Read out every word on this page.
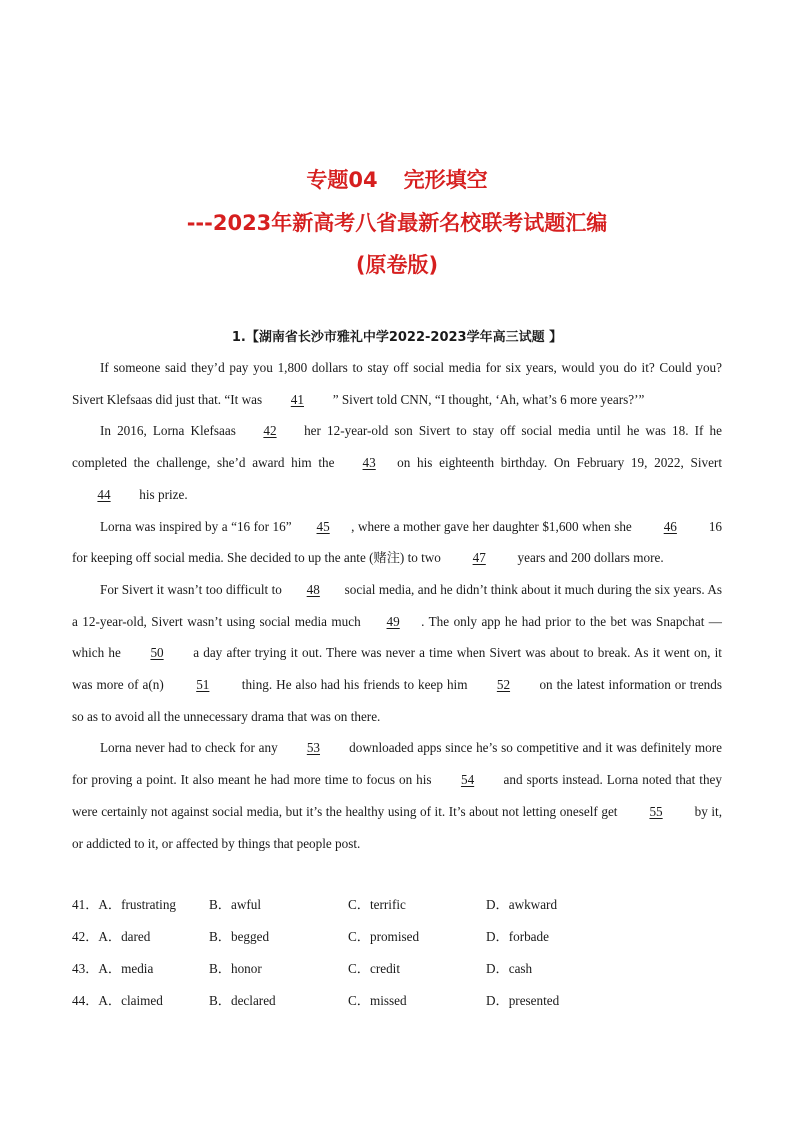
专题04 完形填空
---2023年新高考八省最新名校联考试题汇编
(原卷版)
1.【湖南省长沙市雅礼中学2022-2023学年高三试题 】

If someone said they’d pay you 1,800 dollars to stay off social media for six years, would you do it? Could you? Sivert Klefsaas did just that. “It was 41 ” Sivert told CNN, “I thought, ‘Ah, what’s 6 more years?’”

In 2016, Lorna Klefsaas 42 her 12-year-old son Sivert to stay off social media until he was 18. If he completed the challenge, she’d award him the 43 on his eighteenth birthday. On February 19, 2022, Sivert 44 his prize.

Lorna was inspired by a “16 for 16” 45 , where a mother gave her daughter $1,600 when she 46 16 for keeping off social media. She decided to up the ante (赌注) to two 47 years and 200 dollars more.

For Sivert it wasn’t too difficult to 48 social media, and he didn’t think about it much during the six years. As a 12-year-old, Sivert wasn’t using social media much 49 . The only app he had prior to the bet was Snapchat — which he 50 a day after trying it out. There was never a time when Sivert was about to break. As it went on, it was more of a(n) 51 thing. He also had his friends to keep him 52 on the latest information or trends so as to avoid all the unnecessary drama that was on there.

Lorna never had to check for any 53 downloaded apps since he’s so competitive and it was definitely more for proving a point. It also meant he had more time to focus on his 54 and sports instead. Lorna noted that they were certainly not against social media, but it’s the healthy using of it. It’s about not letting oneself get 55 by it, or addicted to it, or affected by things that people post.

41．A．frustrating B．awful	C．terrific	D．awkward
42．A．dared	B．begged	C．promised	D．forbade
43．A．media	B．honor	C．credit	D．cash
44．A．claimed	B．declared	C．missed	D．presented
